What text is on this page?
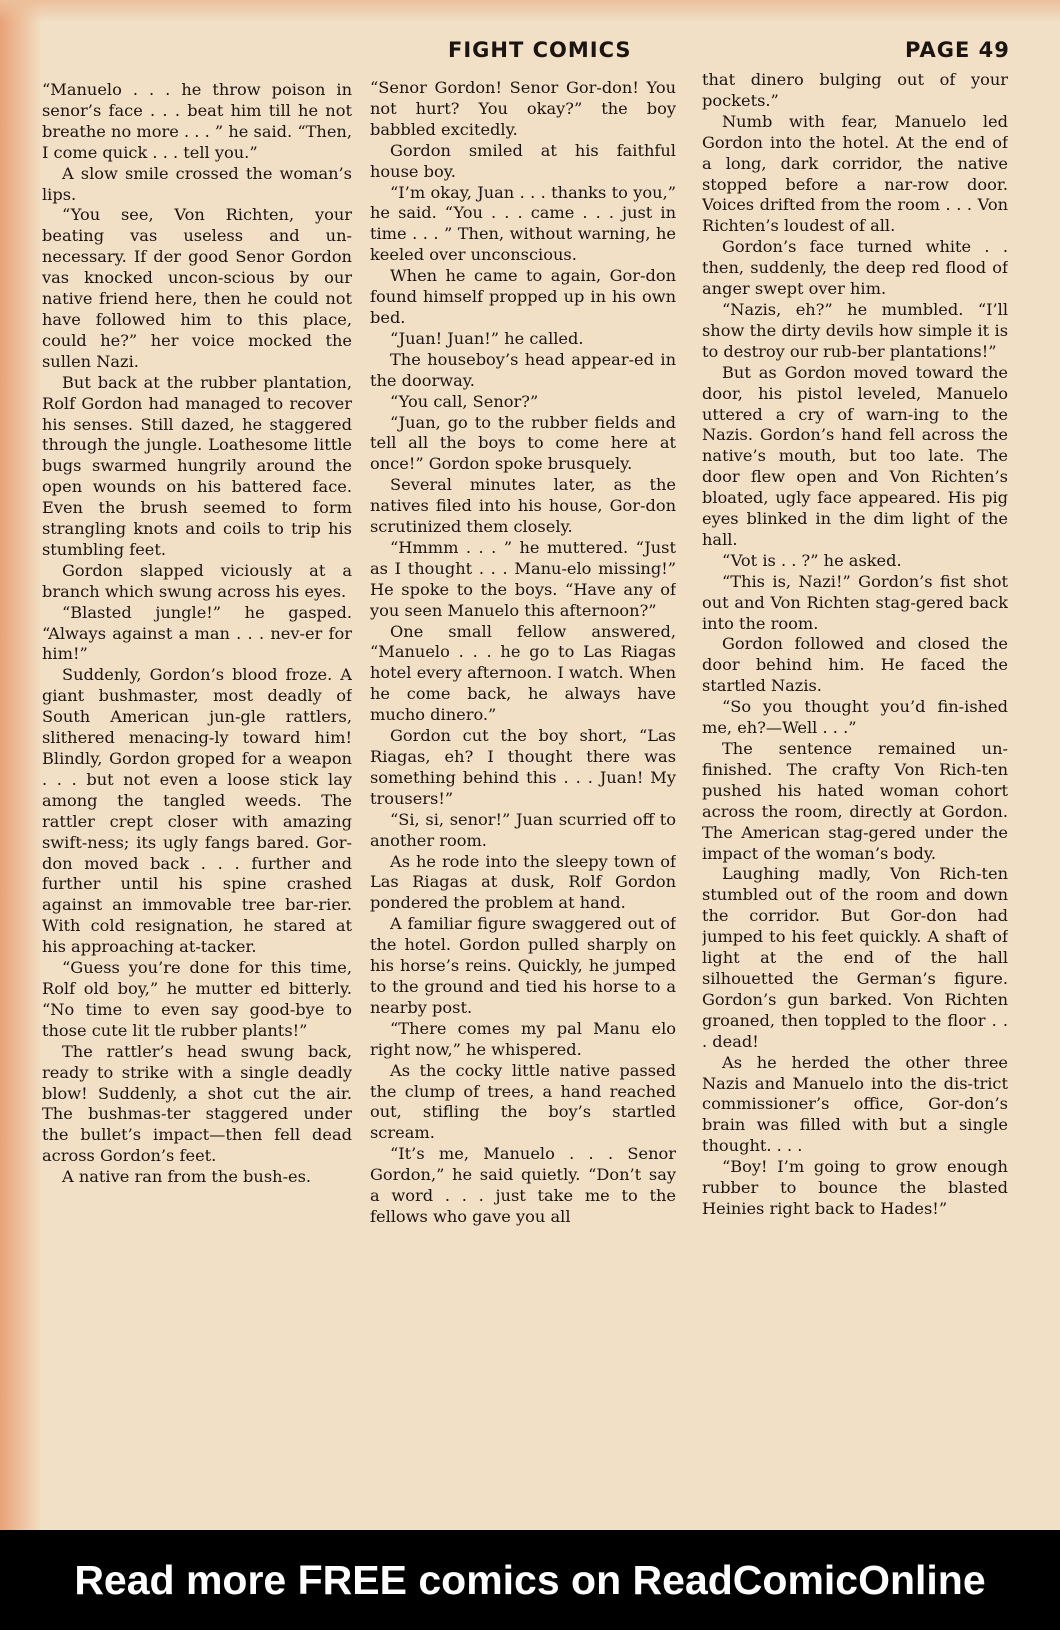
FIGHT COMICS	PAGE 49

“Manuelo . . . he throw poison in senor’s face . . . beat him till he not breathe no more . . . ” he said. “Then, I come quick . . . tell you.”

A slow smile crossed the woman’s lips.

“You see, Von Richten, your beating vas useless and un-necessary. If der good Senor Gordon vas knocked uncon-scious by our native friend here, then he could not have followed him to this place, could he?” her voice mocked the sullen Nazi.

But back at the rubber plantation, Rolf Gordon had managed to recover his senses. Still dazed, he staggered through the jungle. Loathesome little bugs swarmed hungrily around the open wounds on his battered face. Even the brush seemed to form strangling knots and coils to trip his stumbling feet.

Gordon slapped viciously at a branch which swung across his eyes.

“Blasted jungle!” he gasped. “Always against a man . . . nev-er for him!”

Suddenly, Gordon’s blood froze. A giant bushmaster, most deadly of South American jun-gle rattlers, slithered menacing-ly toward him! Blindly, Gordon groped for a weapon . . . but not even a loose stick lay among the tangled weeds. The rattler crept closer with amazing swift-ness; its ugly fangs bared. Gor-don moved back . . . further and further until his spine crashed against an immovable tree bar-rier. With cold resignation, he stared at his approaching at-tacker.

“Guess you’re done for this time, Rolf old boy,” he mutter ed bitterly. “No time to even say good-bye to those cute lit tle rubber plants!”

The rattler’s head swung back, ready to strike with a single deadly blow! Suddenly, a shot cut the air. The bushmas-ter staggered under the bullet’s impact—then fell dead across Gordon’s feet.

A native ran from the bush-es.

“Senor Gordon! Senor Gor-don! You not hurt? You okay?” the boy babbled excitedly.

Gordon smiled at his faithful house boy.

“I’m okay, Juan . . . thanks to you,” he said. “You . . . came . . . just in time . . . ” Then, without warning, he keeled over unconscious.

When he came to again, Gor-don found himself propped up in his own bed.

“Juan! Juan!” he called.

The houseboy’s head appear-ed in the doorway.

“You call, Senor?”

“Juan, go to the rubber fields and tell all the boys to come here at once!” Gordon spoke brusquely.

Several minutes later, as the natives filed into his house, Gor-don scrutinized them closely.

“Hmmm . . . ” he muttered. “Just as I thought . . . Manu-elo missing!” He spoke to the boys. “Have any of you seen Manuelo this afternoon?”

One small fellow answered, “Manuelo . . . he go to Las Riagas hotel every afternoon. I watch. When he come back, he always have mucho dinero.”

Gordon cut the boy short, “Las Riagas, eh? I thought there was something behind this . . . Juan! My trousers!”

“Si, si, senor!” Juan scurried off to another room.

As he rode into the sleepy town of Las Riagas at dusk, Rolf Gordon pondered the problem at hand.

A familiar figure swaggered out of the hotel. Gordon pulled sharply on his horse’s reins. Quickly, he jumped to the ground and tied his horse to a nearby post.

“There comes my pal Manu elo right now,” he whispered.

As the cocky little native passed the clump of trees, a hand reached out, stifling the boy’s startled scream.

“It’s me, Manuelo . . . Senor Gordon,” he said quietly. “Don’t say a word . . . just take me to the fellows who gave you all

that dinero bulging out of your pockets.”

Numb with fear, Manuelo led Gordon into the hotel. At the end of a long, dark corridor, the native stopped before a nar-row door. Voices drifted from the room . . . Von Richten’s loudest of all.

Gordon’s face turned white . . then, suddenly, the deep red flood of anger swept over him.

“Nazis, eh?” he mumbled. “I’ll show the dirty devils how simple it is to destroy our rub-ber plantations!”

But as Gordon moved toward the door, his pistol leveled, Manuelo uttered a cry of warn-ing to the Nazis. Gordon’s hand fell across the native’s mouth, but too late. The door flew open and Von Richten’s bloated, ugly face appeared. His pig eyes blinked in the dim light of the hall.

“Vot is . . ?” he asked.

“This is, Nazi!” Gordon’s fist shot out and Von Richten stag-gered back into the room.

Gordon followed and closed the door behind him. He faced the startled Nazis.

“So you thought you’d fin-ished me, eh?—Well . . .”

The sentence remained un-finished. The crafty Von Rich-ten pushed his hated woman cohort across the room, directly at Gordon. The American stag-gered under the impact of the woman’s body.

Laughing madly, Von Rich-ten stumbled out of the room and down the corridor. But Gor-don had jumped to his feet quickly. A shaft of light at the end of the hall silhouetted the German’s figure. Gordon’s gun barked. Von Richten groaned, then toppled to the floor . . . dead!

As he herded the other three Nazis and Manuelo into the dis-trict commissioner’s office, Gor-don’s brain was filled with but a single thought. . . .

“Boy! I’m going to grow enough rubber to bounce the blasted Heinies right back to Hades!”

Read more FREE comics on ReadComicOnline
